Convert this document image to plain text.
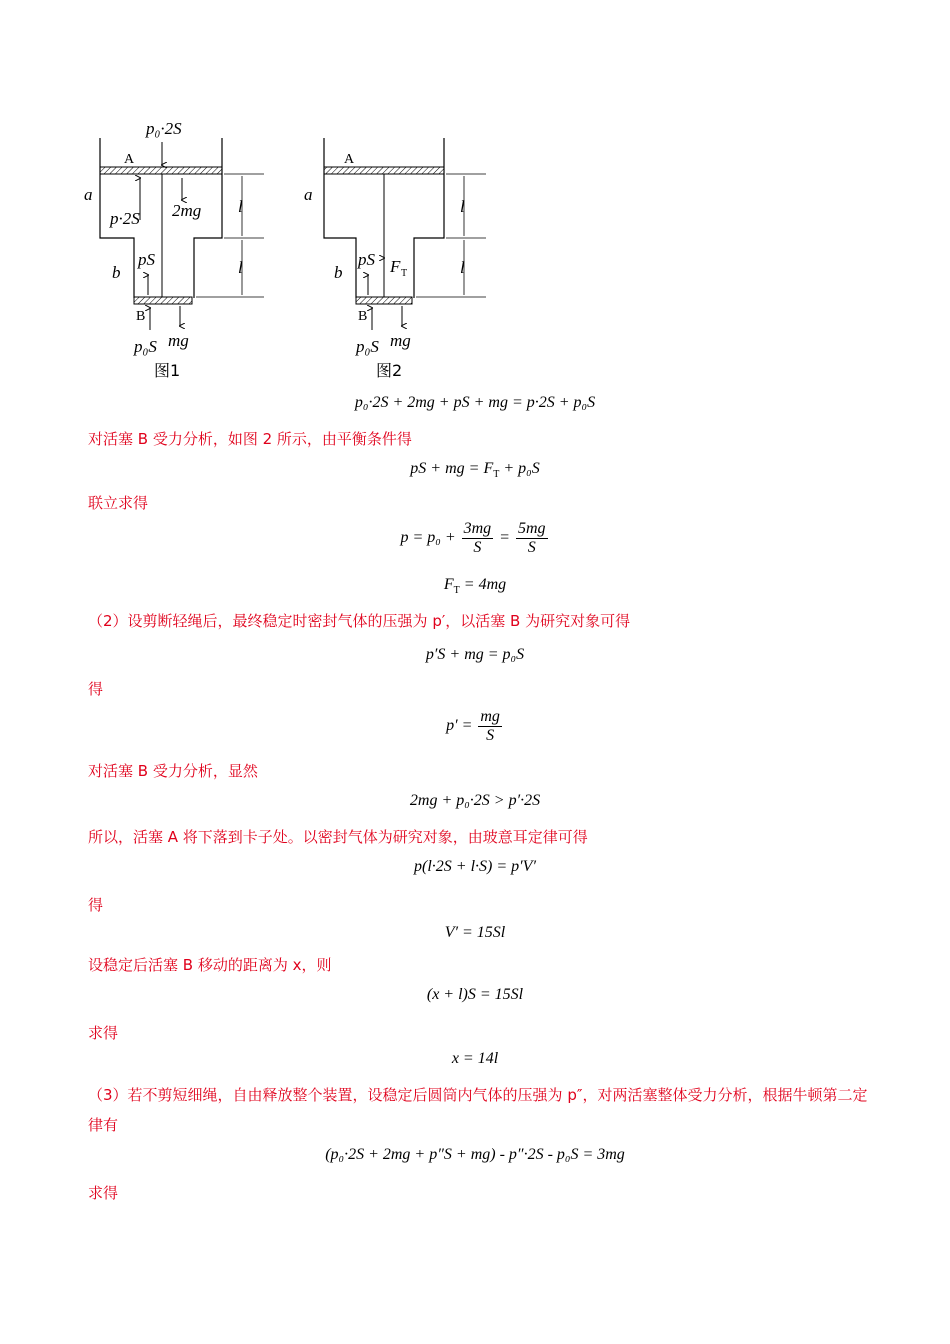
p₀·2S
A
a
p·2S 2mg l
l
b
pS
B
p₀S mg
图1
A
a
l
l
b
pS F T
B
p₀S mg
图2
p₀·2S + 2mg + pS + mg = p·2S + p₀S
对活塞 B 受力分析，如图 2 所示，由平衡条件得
pS + mg = $F_T + p_0S$
联立求得
$p = p_0 + \frac{3mg}{S} = \frac{5mg}{S}$
$F_T = 4mg$
（2）设剪断轻绳后，最终稳定时密封气体的压强为 p′，以活塞 B 为研究对象可得
p′S + mg = p₀S
得
$p' = \frac{mg}{S}$
对活塞 B 受力分析，显然
2mg + p₀·2S > p′·2S
所以，活塞 A 将下落到卡子处。以密封气体为研究对象，由玻意耳定律可得
p(l·2S + l·S) = p′V′
得
V′ = 15Sl
设稳定后活塞 B 移动的距离为 x，则
(x + l)S = 15Sl
求得
x = 14l
（3）若不剪短细绳，自由释放整个装置，设稳定后圆筒内气体的压强为 p″，对两活塞整体受力分析，根据牛顿第二定律有
(p₀·2S + 2mg + p″S + mg) - p″·2S - p₀S = 3mg
求得
